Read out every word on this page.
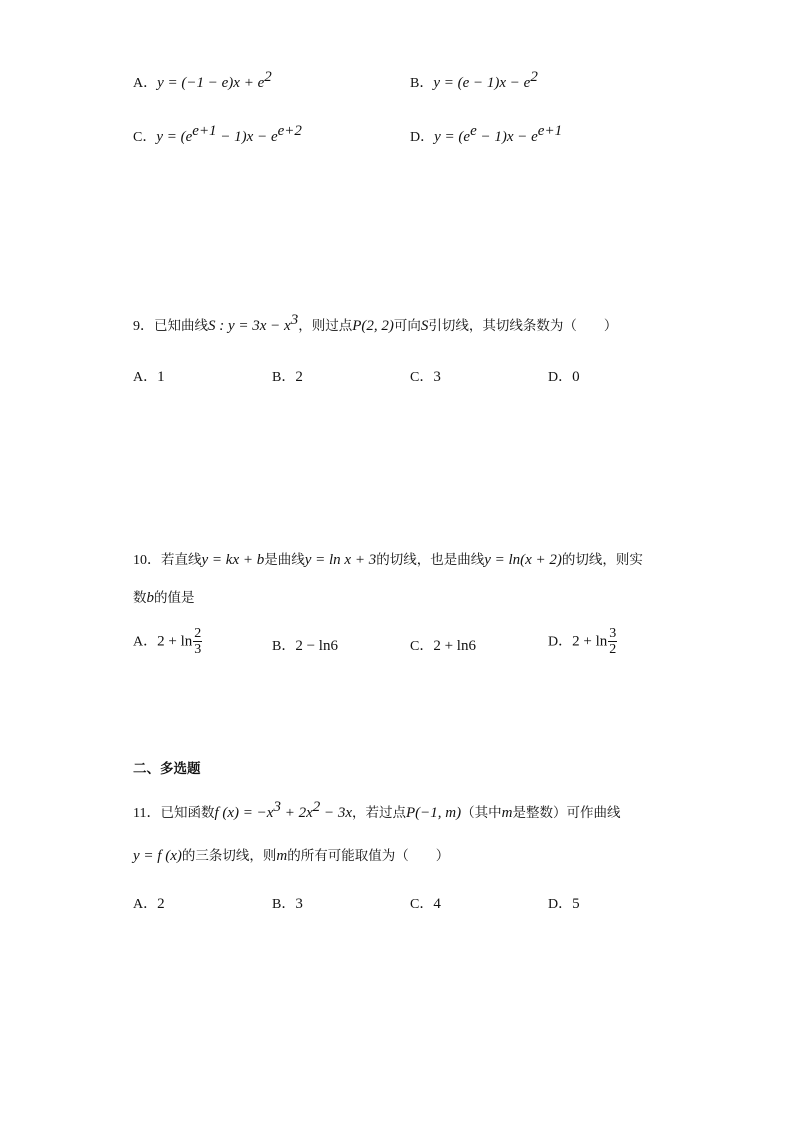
A．$y = (-1 - e)x + e^2$	B．$y = (e - 1)x - e^2$
C．$y = (e^{e+1} - 1)x - e^{e+2}$	D．$y = (e^e - 1)x - e^{e+1}$
9．已知曲线S : $y = 3x - x^3$，则过点P(2, 2)可向S引切线，其切线条数为（　　）
A．1	B．2	C．3	D．0
10．若直线y = kx + b是曲线y = ln x + 3的切线，也是曲线y = ln(x + 2)的切线，则实
数b的值是
A．$2 + \ln \frac{2}{3}$	B．2 − ln6	C．2 + ln6	D．$2 + \ln \frac{3}{2}$
二、多选题
11．已知函数f $(x) = -x^3 + 2x^2 - 3x$，若过点P(−1, m)（其中m是整数）可作曲线
y = f (x)的三条切线，则m的所有可能取值为（　　）
A．2	B．3	C．4	D．5
